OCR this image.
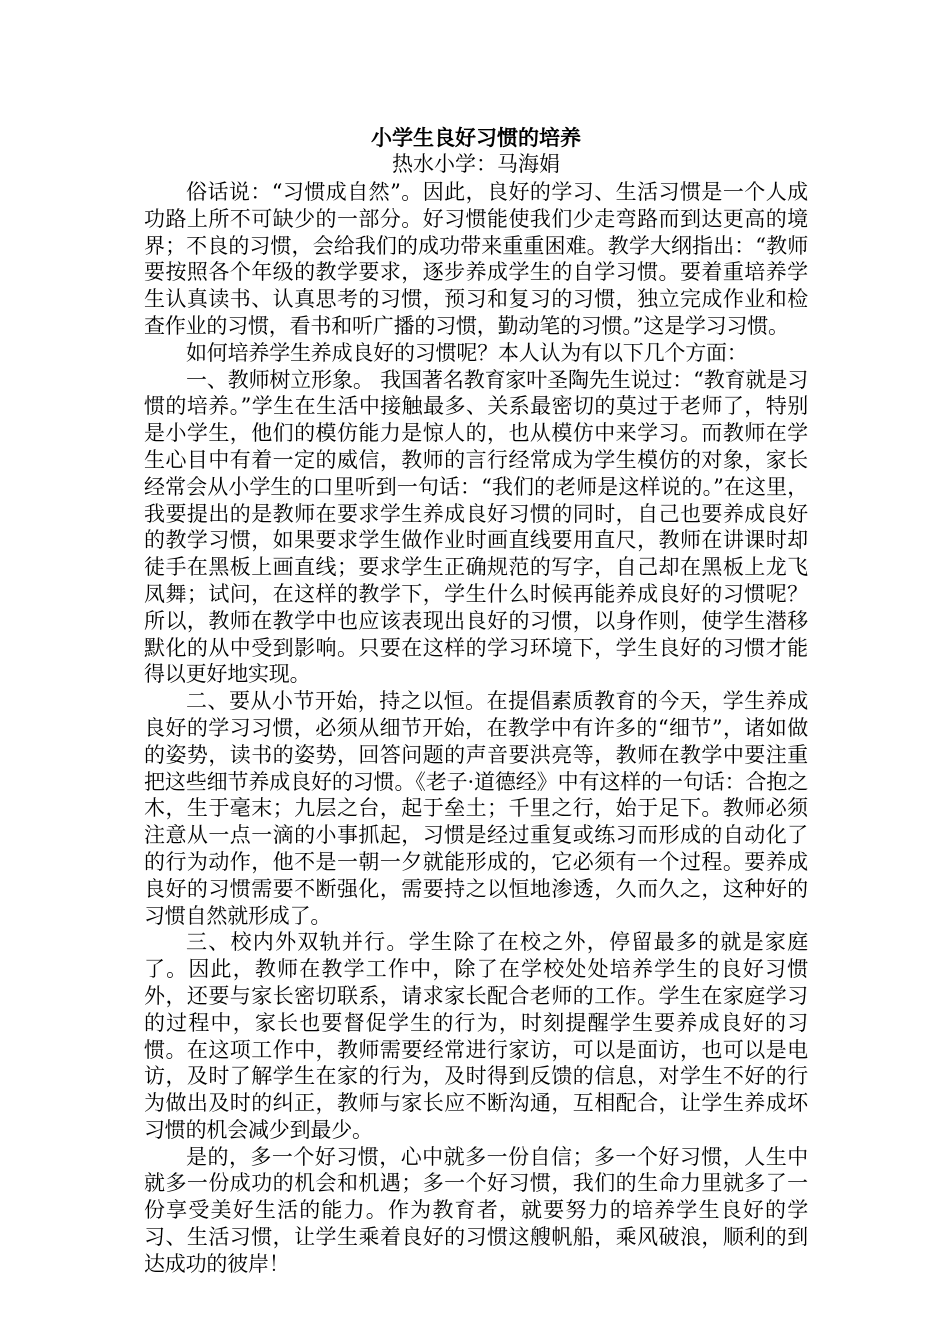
小学生良好习惯的培养
热水小学：马海娟

俗话说：“习惯成自然”。因此，良好的学习、生活习惯是一个人成功路上所不可缺少的一部分。好习惯能使我们少走弯路而到达更高的境界；不良的习惯，会给我们的成功带来重重困难。教学大纲指出：“教师要按照各个年级的教学要求，逐步养成学生的自学习惯。要着重培养学生认真读书、认真思考的习惯，预习和复习的习惯，独立完成作业和检查作业的习惯，看书和听广播的习惯，勤动笔的习惯。”这是学习习惯。

如何培养学生养成良好的习惯呢？本人认为有以下几个方面：

一、教师树立形象。 我国著名教育家叶圣陶先生说过：“教育就是习惯的培养。”学生在生活中接触最多、关系最密切的莫过于老师了，特别是小学生，他们的模仿能力是惊人的，也从模仿中来学习。而教师在学生心目中有着一定的威信，教师的言行经常成为学生模仿的对象，家长经常会从小学生的口里听到一句话：“我们的老师是这样说的。”在这里，我要提出的是教师在要求学生养成良好习惯的同时，自己也要养成良好的教学习惯，如果要求学生做作业时画直线要用直尺，教师在讲课时却徒手在黑板上画直线；要求学生正确规范的写字，自己却在黑板上龙飞凤舞；试问，在这样的教学下，学生什么时候再能养成良好的习惯呢？所以，教师在教学中也应该表现出良好的习惯，以身作则，使学生潜移默化的从中受到影响。只要在这样的学习环境下，学生良好的习惯才能得以更好地实现。

二、要从小节开始，持之以恒。在提倡素质教育的今天，学生养成良好的学习习惯，必须从细节开始，在教学中有许多的“细节”，诸如做的姿势，读书的姿势，回答问题的声音要洪亮等，教师在教学中要注重把这些细节养成良好的习惯。《老子·道德经》中有这样的一句话：合抱之木，生于毫末；九层之台，起于垒土；千里之行，始于足下。教师必须注意从一点一滴的小事抓起，习惯是经过重复或练习而形成的自动化了的行为动作，他不是一朝一夕就能形成的，它必须有一个过程。要养成良好的习惯需要不断强化，需要持之以恒地渗透，久而久之，这种好的习惯自然就形成了。

三、校内外双轨并行。学生除了在校之外，停留最多的就是家庭了。因此，教师在教学工作中，除了在学校处处培养学生的良好习惯外，还要与家长密切联系，请求家长配合老师的工作。学生在家庭学习的过程中，家长也要督促学生的行为，时刻提醒学生要养成良好的习惯。在这项工作中，教师需要经常进行家访，可以是面访，也可以是电访，及时了解学生在家的行为，及时得到反馈的信息，对学生不好的行为做出及时的纠正，教师与家长应不断沟通，互相配合，让学生养成坏习惯的机会减少到最少。

是的，多一个好习惯，心中就多一份自信；多一个好习惯，人生中就多一份成功的机会和机遇；多一个好习惯，我们的生命力里就多了一份享受美好生活的能力。作为教育者，就要努力的培养学生良好的学习、生活习惯，让学生乘着良好的习惯这艘帆船，乘风破浪，顺利的到达成功的彼岸！
